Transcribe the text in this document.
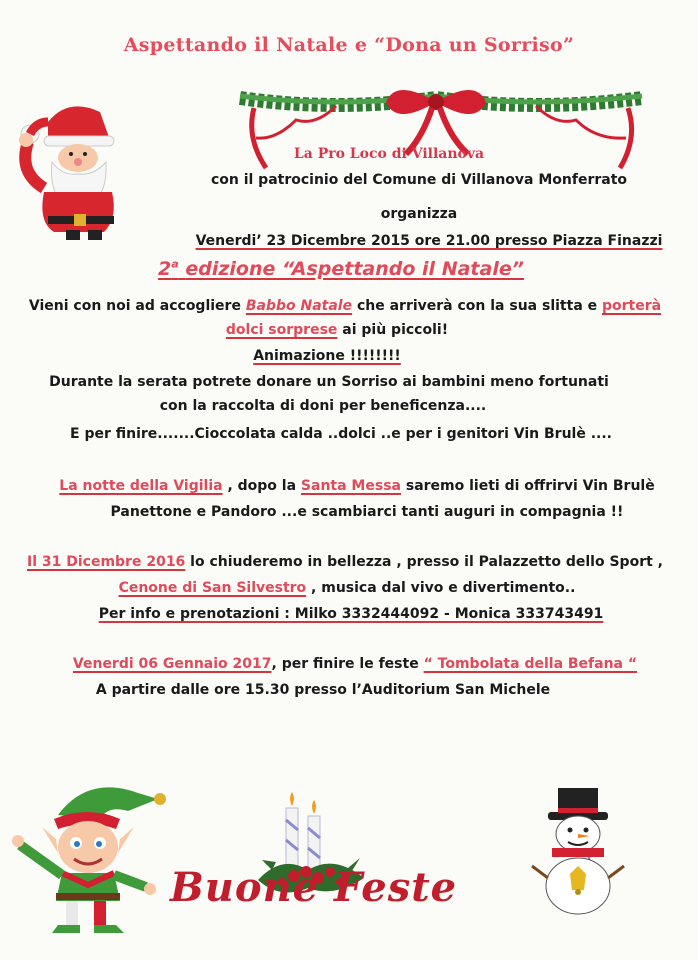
Aspettando il Natale e “Dona un Sorriso”
La Pro Loco di Villanova
con il patrocinio del Comune di Villanova Monferrato
organizza
Venerdi’ 23 Dicembre 2015 ore 21.00 presso Piazza Finazzi
2$^a$ edizione “Aspettando il Natale”
Vieni con noi ad accogliere Babbo Natale che arriverà con la sua slitta e porterà
dolci sorprese ai più piccoli!
Animazione !!!!!!!!
Durante la serata potrete donare un Sorriso ai bambini meno fortunati
con la raccolta di doni per beneficenza....
E per finire.......Cioccolata calda ..dolci ..e per i genitori Vin Brulè ....
La notte della Vigilia , dopo la Santa Messa saremo lieti di offrirvi Vin Brulè
Panettone e Pandoro ...e scambiarci tanti auguri in compagnia !!
Il 31 Dicembre 2016 lo chiuderemo in bellezza , presso il Palazzetto dello Sport ,
Cenone di San Silvestro , musica dal vivo e divertimento..
Per info e prenotazioni : Milko 3332444092 - Monica 333743491
Venerdi 06 Gennaio 2017, per finire le feste “ Tombolata della Befana “
A partire dalle ore 15.30 presso l’Auditorium San Michele
Buone Feste
